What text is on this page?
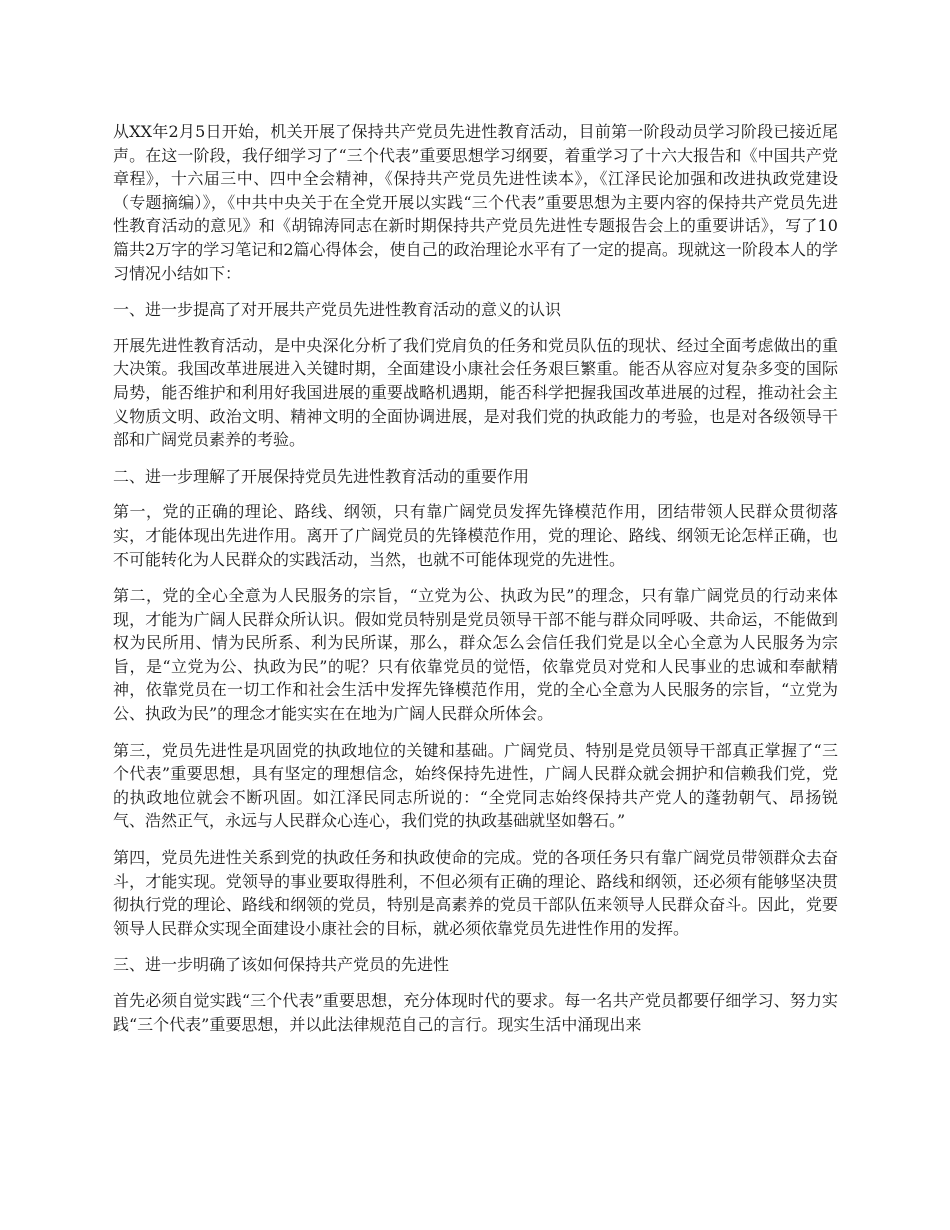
从XX年2月5日开始，机关开展了保持共产党员先进性教育活动，目前第一阶段动员学习阶段已接近尾声。在这一阶段，我仔细学习了“三个代表”重要思想学习纲要，着重学习了十六大报告和《中国共产党章程》，十六届三中、四中全会精神，《保持共产党员先进性读本》，《江泽民论加强和改进执政党建设（专题摘编）》，《中共中央关于在全党开展以实践“三个代表”重要思想为主要内容的保持共产党员先进性教育活动的意见》和《胡锦涛同志在新时期保持共产党员先进性专题报告会上的重要讲话》，写了10篇共2万字的学习笔记和2篇心得体会，使自己的政治理论水平有了一定的提高。现就这一阶段本人的学习情况小结如下：

一、进一步提高了对开展共产党员先进性教育活动的意义的认识

开展先进性教育活动，是中央深化分析了我们党肩负的任务和党员队伍的现状、经过全面考虑做出的重大决策。我国改革进展进入关键时期，全面建设小康社会任务艰巨繁重。能否从容应对复杂多变的国际局势，能否维护和利用好我国进展的重要战略机遇期，能否科学把握我国改革进展的过程，推动社会主义物质文明、政治文明、精神文明的全面协调进展，是对我们党的执政能力的考验，也是对各级领导干部和广阔党员素养的考验。

二、进一步理解了开展保持党员先进性教育活动的重要作用

第一，党的正确的理论、路线、纲领，只有靠广阔党员发挥先锋模范作用，团结带领人民群众贯彻落实，才能体现出先进作用。离开了广阔党员的先锋模范作用，党的理论、路线、纲领无论怎样正确，也不可能转化为人民群众的实践活动，当然，也就不可能体现党的先进性。

第二，党的全心全意为人民服务的宗旨，“立党为公、执政为民”的理念，只有靠广阔党员的行动来体现，才能为广阔人民群众所认识。假如党员特别是党员领导干部不能与群众同呼吸、共命运，不能做到权为民所用、情为民所系、利为民所谋，那么，群众怎么会信任我们党是以全心全意为人民服务为宗旨，是“立党为公、执政为民”的呢？只有依靠党员的觉悟，依靠党员对党和人民事业的忠诚和奉献精神，依靠党员在一切工作和社会生活中发挥先锋模范作用，党的全心全意为人民服务的宗旨，“立党为公、执政为民”的理念才能实实在在地为广阔人民群众所体会。

第三，党员先进性是巩固党的执政地位的关键和基础。广阔党员、特别是党员领导干部真正掌握了“三个代表”重要思想，具有坚定的理想信念，始终保持先进性，广阔人民群众就会拥护和信赖我们党，党的执政地位就会不断巩固。如江泽民同志所说的：“全党同志始终保持共产党人的蓬勃朝气、昂扬锐气、浩然正气，永远与人民群众心连心，我们党的执政基础就坚如磐石。”

第四，党员先进性关系到党的执政任务和执政使命的完成。党的各项任务只有靠广阔党员带领群众去奋斗，才能实现。党领导的事业要取得胜利，不但必须有正确的理论、路线和纲领，还必须有能够坚决贯彻执行党的理论、路线和纲领的党员，特别是高素养的党员干部队伍来领导人民群众奋斗。因此，党要领导人民群众实现全面建设小康社会的目标，就必须依靠党员先进性作用的发挥。

三、进一步明确了该如何保持共产党员的先进性

首先必须自觉实践“三个代表”重要思想，充分体现时代的要求。每一名共产党员都要仔细学习、努力实践“三个代表”重要思想，并以此法律规范自己的言行。现实生活中涌现出来
